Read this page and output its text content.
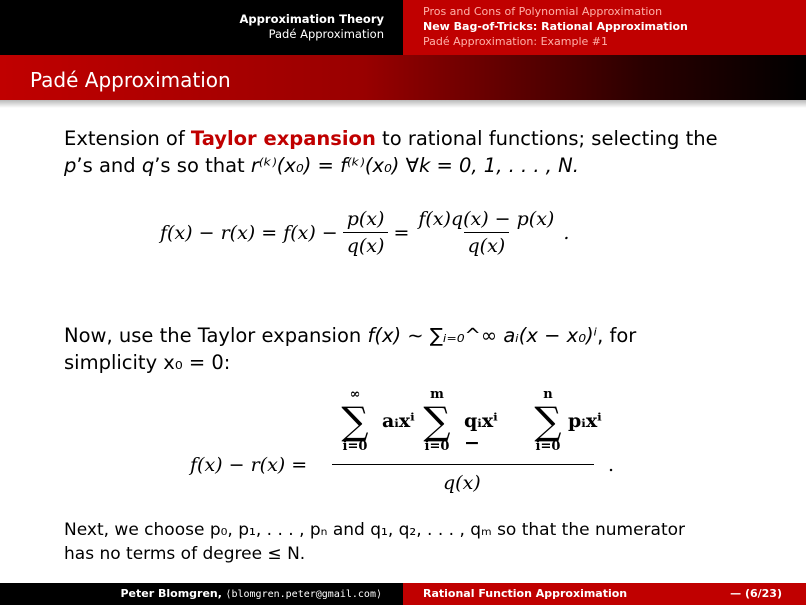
Approximation Theory
Padé Approximation
Pros and Cons of Polynomial Approximation
New Bag-of-Tricks: Rational Approximation
Padé Approximation: Example #1
Padé Approximation
Extension of Taylor expansion to rational functions; selecting the
p’s and q’s so that r⁽ᵏ⁾(x₀) = f⁽ᵏ⁾(x₀) ∀k = 0, 1, . . . , N.
Now, use the Taylor expansion f(x) ∼ ∑ᵢ₌₀^∞ aᵢ(x − x₀)ⁱ, for
simplicity x₀ = 0:
$f(x) - r(x) = f(x) - \frac{p(x)}{q(x)} = \frac{f(x)q(x) - p(x)}{q(x)}$ .
f(x) − r(x) =
∞
∑
i=0
aᵢxⁱ
m
∑
i=0
qᵢxⁱ −
n
∑
i=0
pᵢxⁱ
q(x)
.
Next, we choose p₀, p₁, . . . , pₙ and q₁, q₂, . . . , qₘ so that the numerator
has no terms of degree ≤ N.
Peter Blomgren, ⟨blomgren.peter@gmail.com⟩	Rational Function Approximation	— (6/23)
